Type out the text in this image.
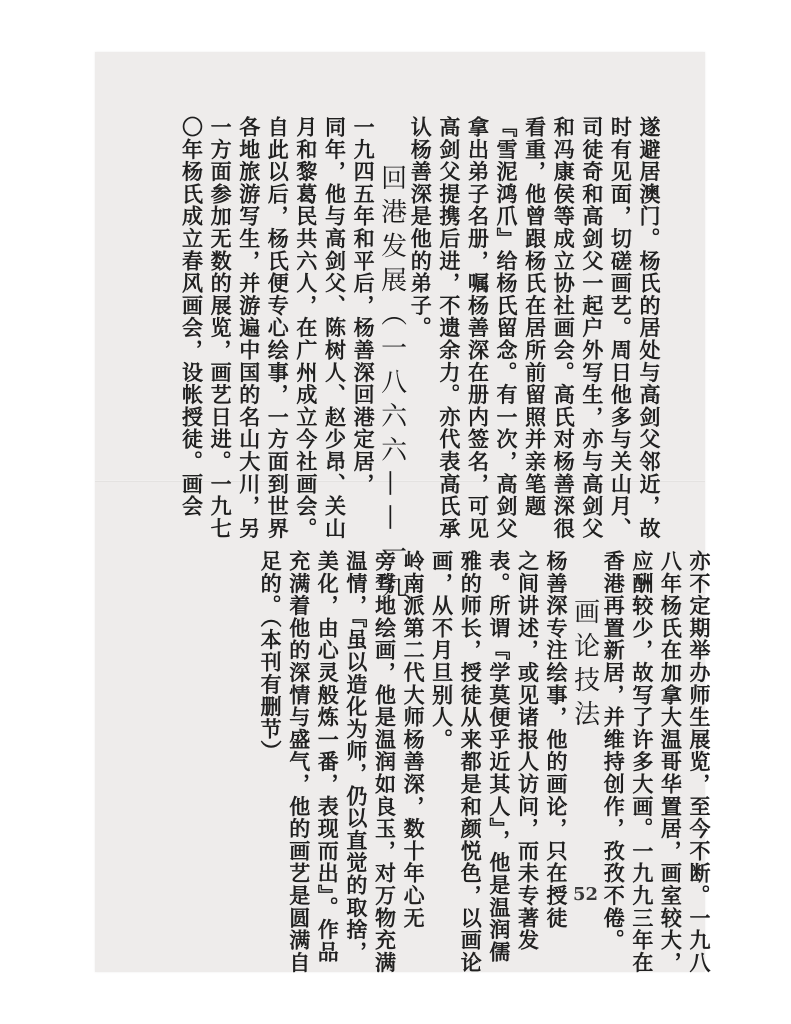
遂避居澳门。杨氏的居处与高剑父邻近，故
时有见面，切磋画艺。周日他多与关山月、
司徒奇和高剑父一起户外写生，亦与高剑父
和冯康侯等成立协社画会。高氏对杨善深很
看重，他曾跟杨氏在居所前留照并亲笔题
『雪泥鸿爪』给杨氏留念。有一次，高剑父
拿出弟子名册，嘱杨善深在册内签名，可见
高剑父提携后进，不遗余力。亦代表高氏承
认杨善深是他的弟子。
回港发展（一八六六——一九
一九四五年和平后，杨善深回港定居，
同年，他与高剑父、陈树人、赵少昂、关山
月和黎葛民共六人，在广州成立今社画会。
自此以后，杨氏便专心绘事，一方面到世界
各地旅游写生，并游遍中国的名山大川，另
一方面参加无数的展览，画艺日进。一九七
〇年杨氏成立春风画会，设帐授徒。画会
亦不定期举办师生展览，至今不断。一九八
八年杨氏在加拿大温哥华置居，画室较大，
应酬较少，故写了许多大画。一九九三年在
香港再置新居，并维持创作，孜孜不倦。
画论技法
杨善深专注绘事，他的画论，只在授徒
之间讲述，或见诸报人访问，而未专著发
表。所谓『学莫便乎近其人』，他是温润儒
雅的师长，授徒从来都是和颜悦色，以画论
画，从不月旦别人。
岭南派第二代大师杨善深，数十年心无
旁骛地绘画，他是温润如良玉，对万物充满
温情，『虽以造化为师，仍以直觉的取捨，
美化，由心灵般炼一番，表现而出』。作品
充满着他的深情与盛气，他的画艺是圆满自
足的。（本刊有删节）
52
